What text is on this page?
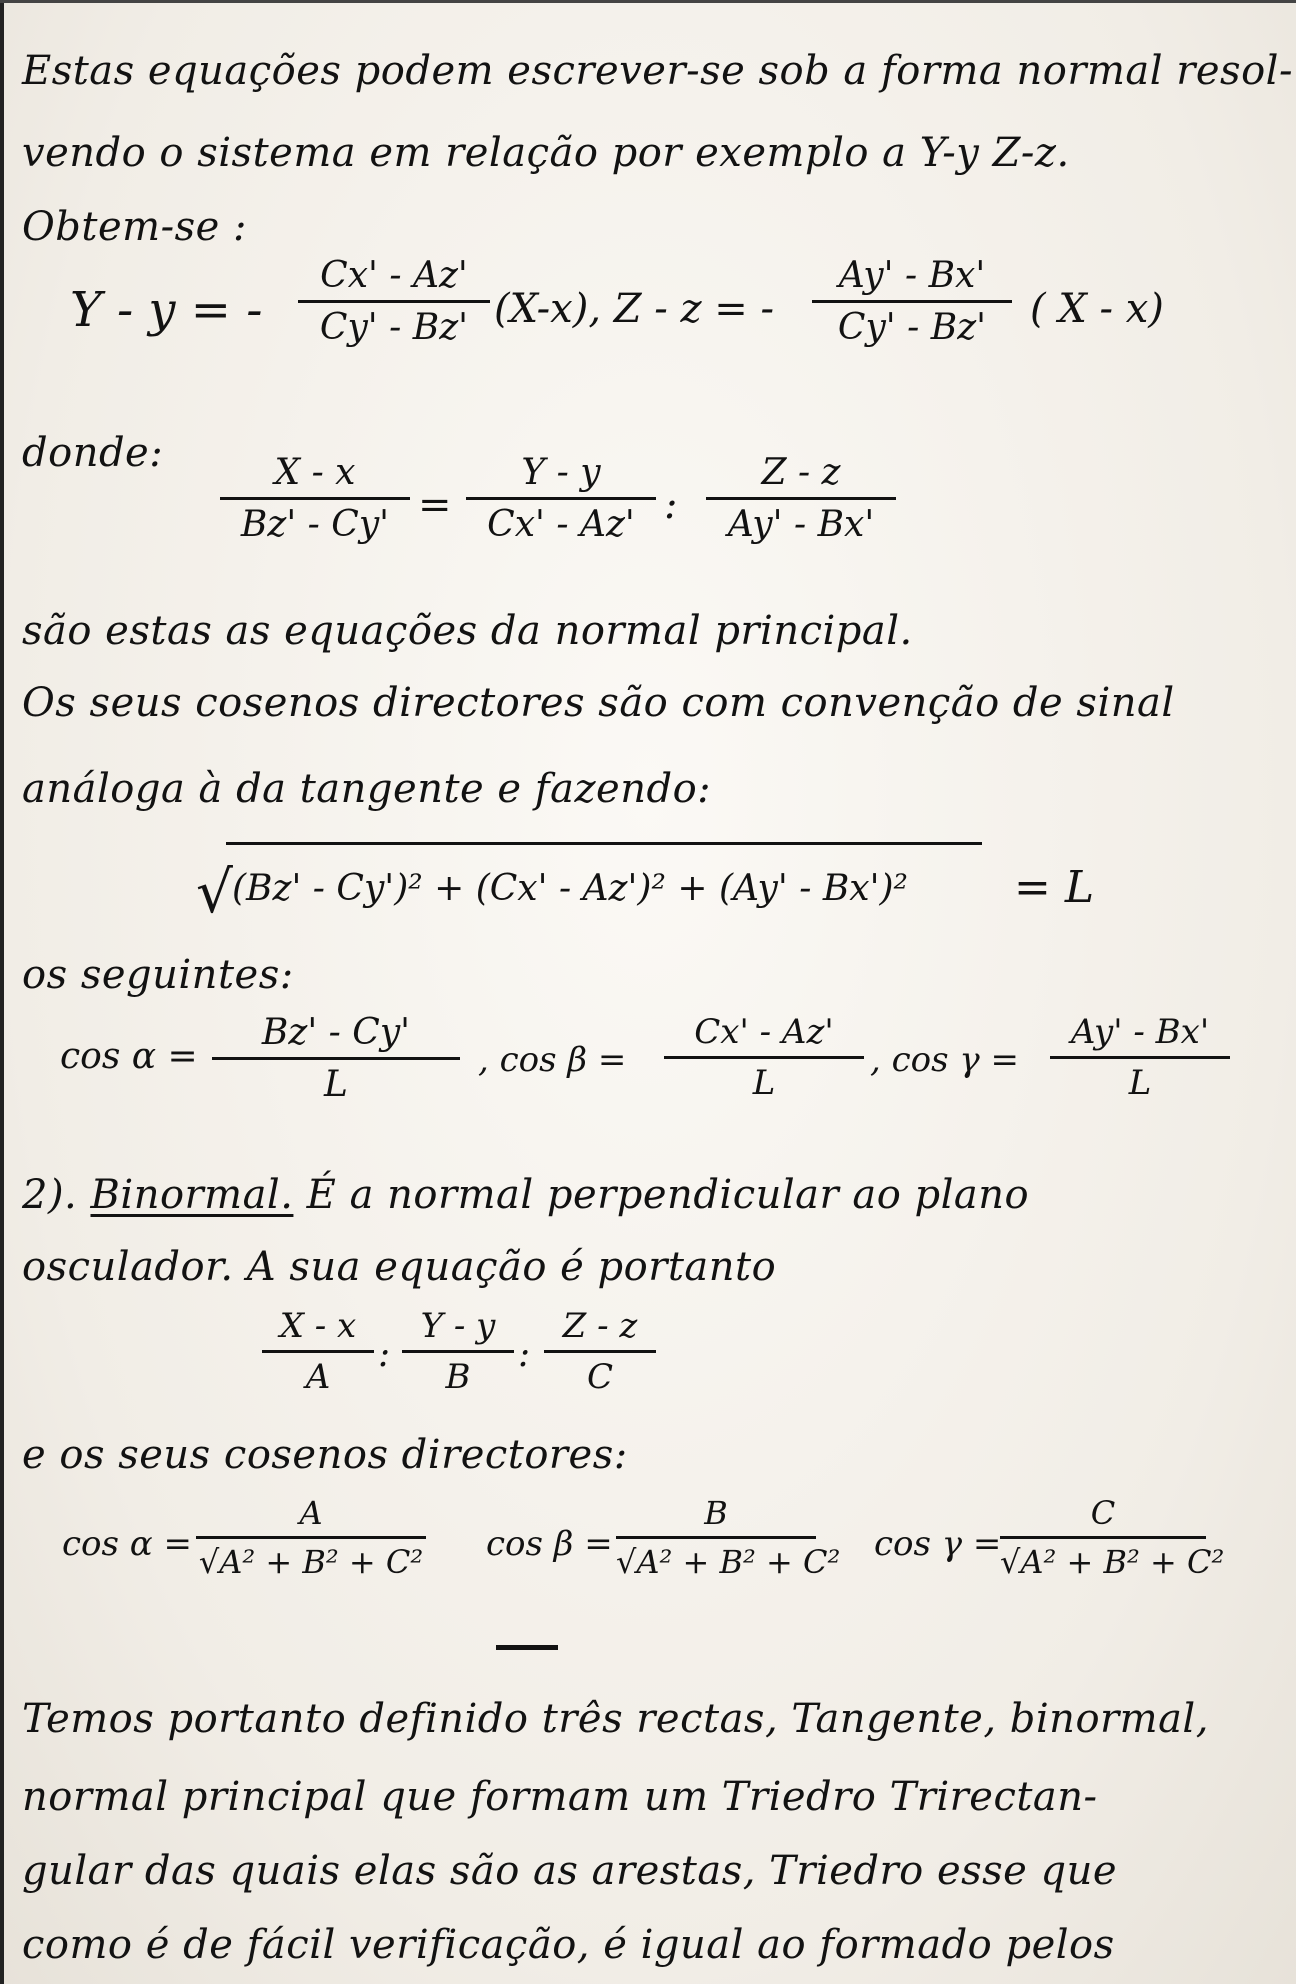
Estas equações podem escrever-se sob a forma normal resol-
vendo o sistema em relação por exemplo a Y-y Z-z.
Obtem-se :
Y - y = -
Cx' - Az'
Cy' - Bz' (X-x), Z - z = -
Ay' - Bx'
Cy' - Bz'	( X - x)
donde:	X - x
Bz' - Cy' =
Y - y
Cx' - Az' :
Z - z
Ay' - Bx'
são estas as equações da normal principal.
Os seus cosenos directores são com convenção de sinal
análoga à da tangente e fazendo:
√ (Bz' - Cy')² + (Cx' - Az')² + (Ay' - Bx')² = L
os seguintes:
cos α =
Bz' - Cy'
L
, cos β =
Cx' - Az'
L
, cos γ =
Ay' - Bx'
L
2). Binormal. É a normal perpendicular ao plano
osculador. A sua equação é portanto
X - x
A
:
Y - y
B
:
Z - z
C
e os seus cosenos directores:
cos α =
A
√A² + B² + C² cos β =
B
√A² + B² + C² cos γ =
C
√A² + B² + C²
Temos portanto definido três rectas, Tangente, binormal,
normal principal que formam um Triedro Trirectan-
gular das quais elas são as arestas, Triedro esse que
como é de fácil verificação, é igual ao formado pelos
